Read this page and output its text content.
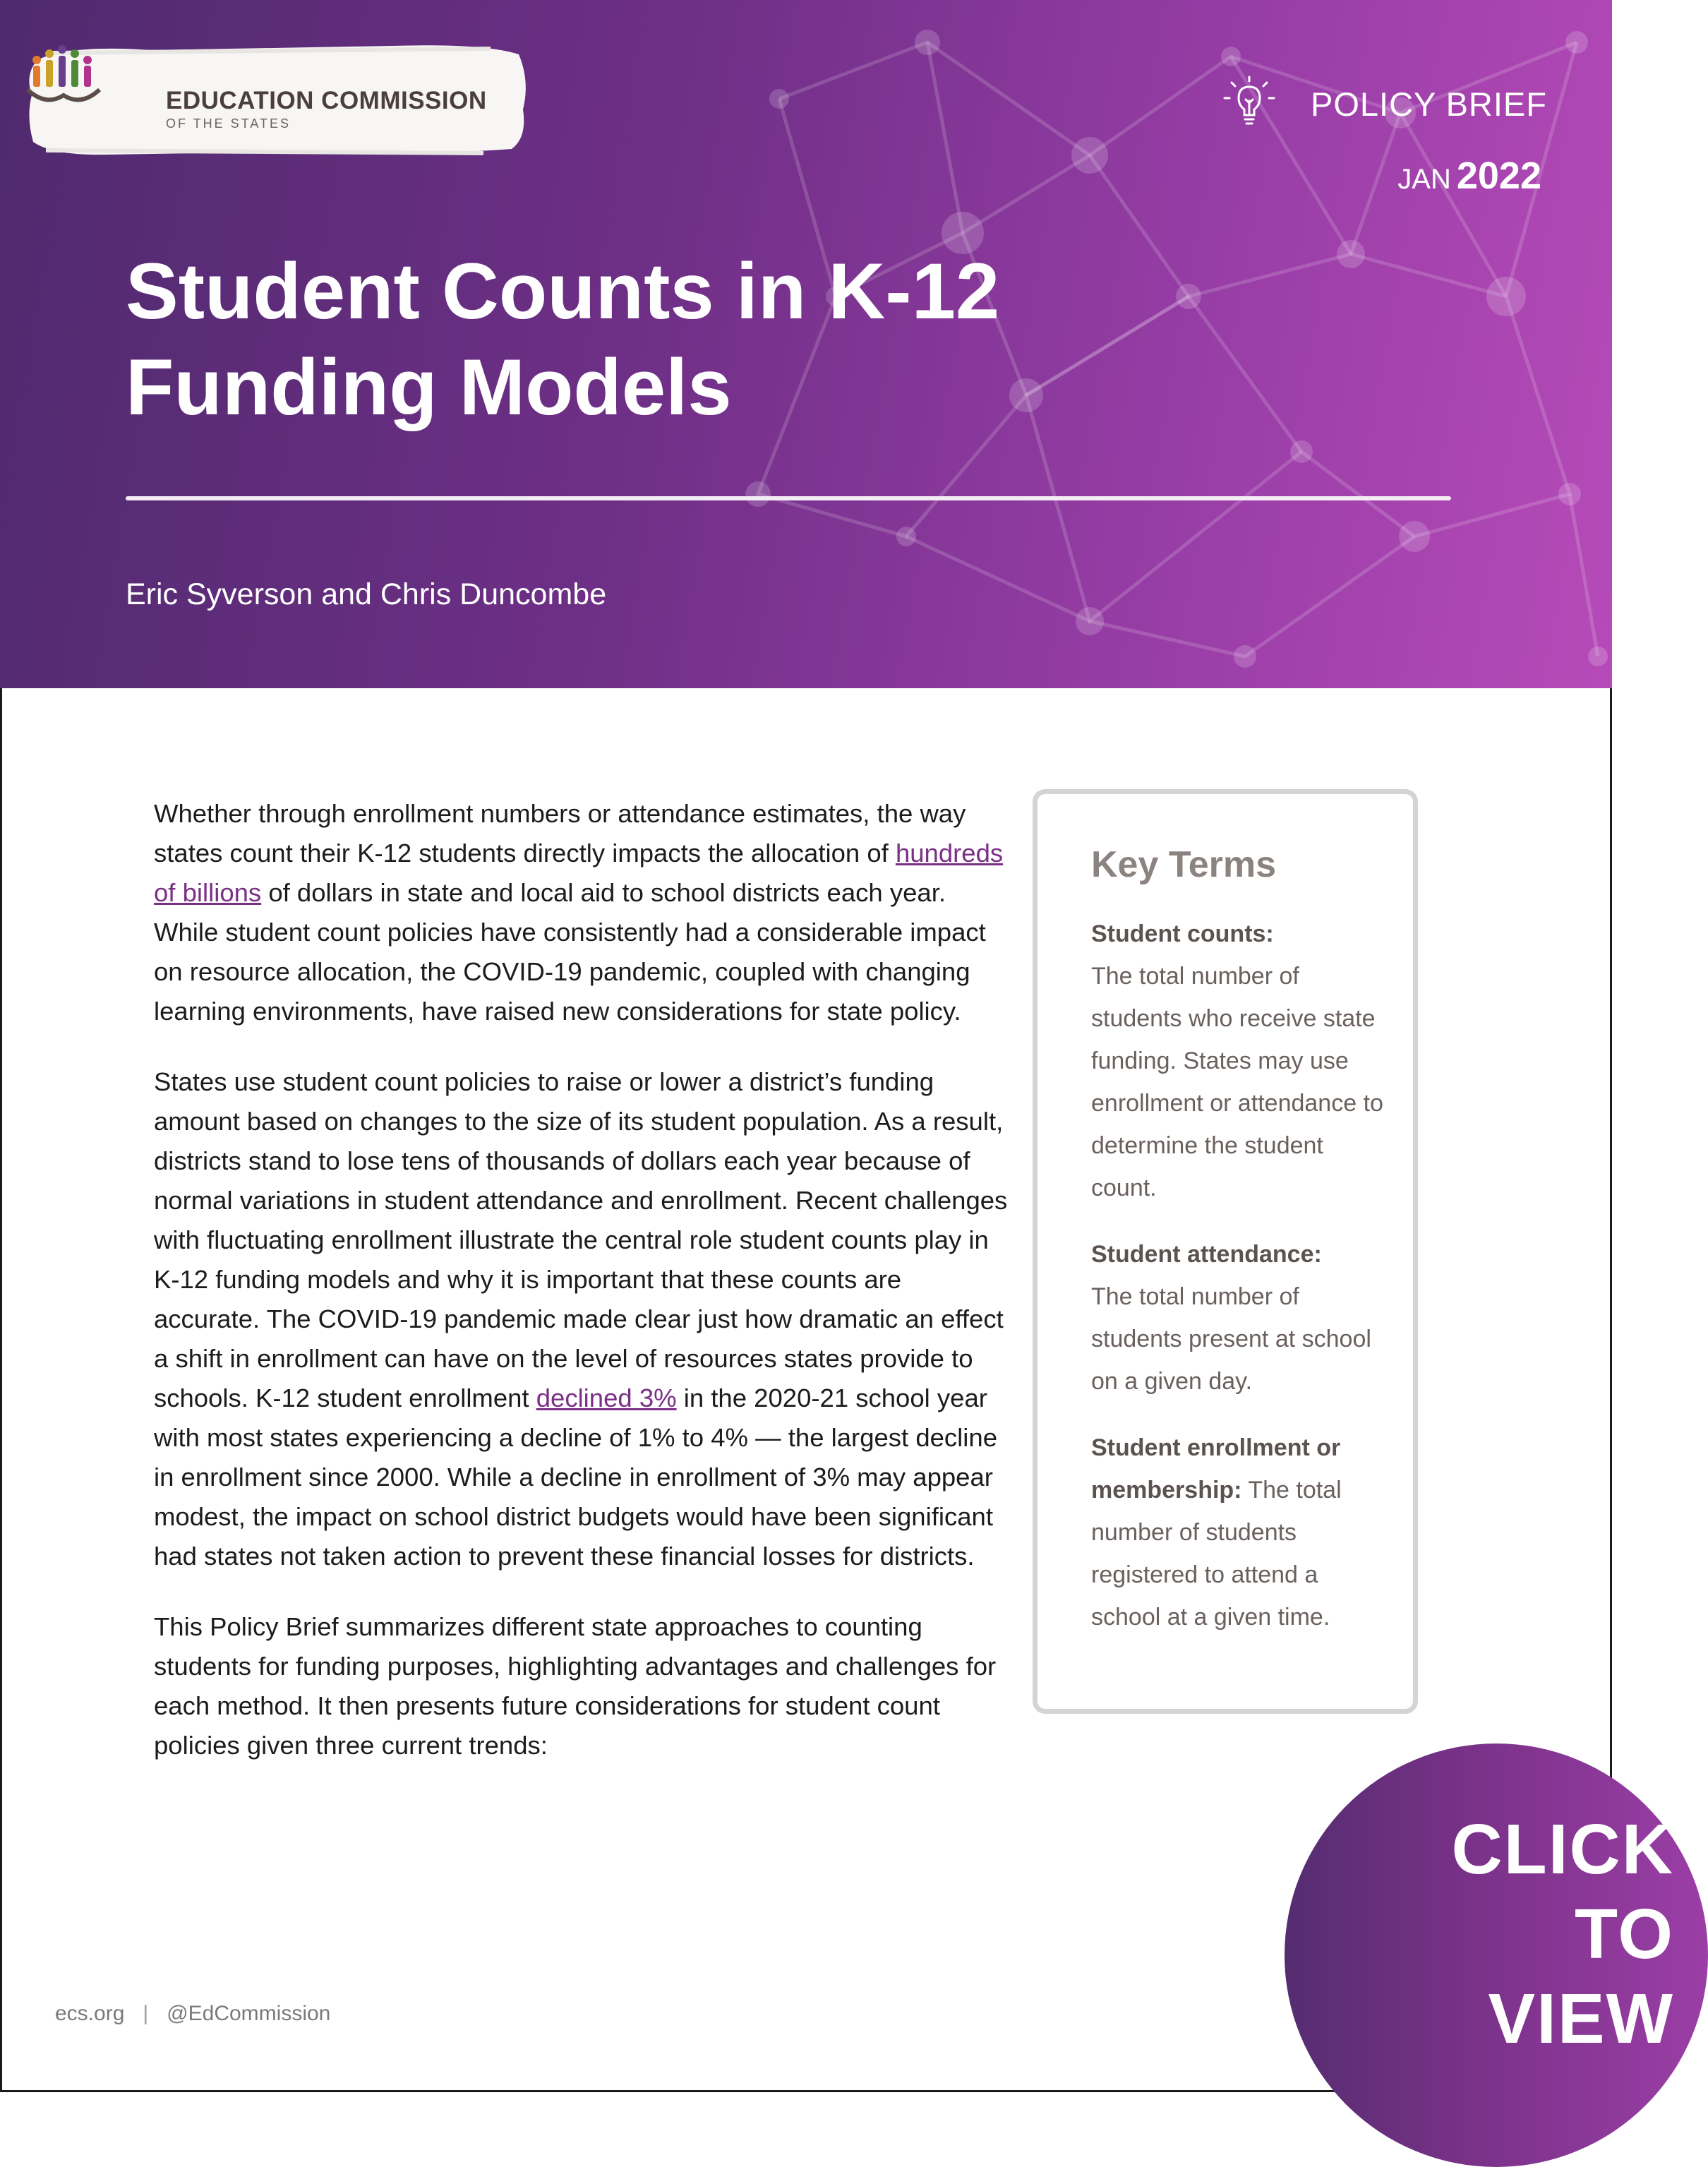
EDUCATION COMMISSION
OF THE STATES
POLICY BRIEF
JAN 2022
Student Counts in K-12
Funding Models
Eric Syverson and Chris Duncombe

Whether through enrollment numbers or attendance estimates, the way states count their K-12 students directly impacts the allocation of hundreds of billions of dollars in state and local aid to school districts each year. While student count policies have consistently had a considerable impact on resource allocation, the COVID-19 pandemic, coupled with changing learning environments, have raised new considerations for state policy.

States use student count policies to raise or lower a district’s funding amount based on changes to the size of its student population. As a result, districts stand to lose tens of thousands of dollars each year because of normal variations in student attendance and enrollment. Recent challenges with fluctuating enrollment illustrate the central role student counts play in K-12 funding models and why it is important that these counts are accurate. The COVID-19 pandemic made clear just how dramatic an effect a shift in enrollment can have on the level of resources states provide to schools. K-12 student enrollment declined 3% in the 2020-21 school year with most states experiencing a decline of 1% to 4% — the largest decline in enrollment since 2000. While a decline in enrollment of 3% may appear modest, the impact on school district budgets would have been significant had states not taken action to prevent these financial losses for districts.

This Policy Brief summarizes different state approaches to counting students for funding purposes, highlighting advantages and challenges for each method. It then presents future considerations for student count policies given three current trends:

Key Terms
Student counts:
The total number of students who receive state funding. States may use enrollment or attendance to determine the student count.
Student attendance:
The total number of students present at school on a given day.
Student enrollment or membership: The total number of students registered to attend a school at a given time.
ecs.org | @EdCommission
CLICK
TO
VIEW
